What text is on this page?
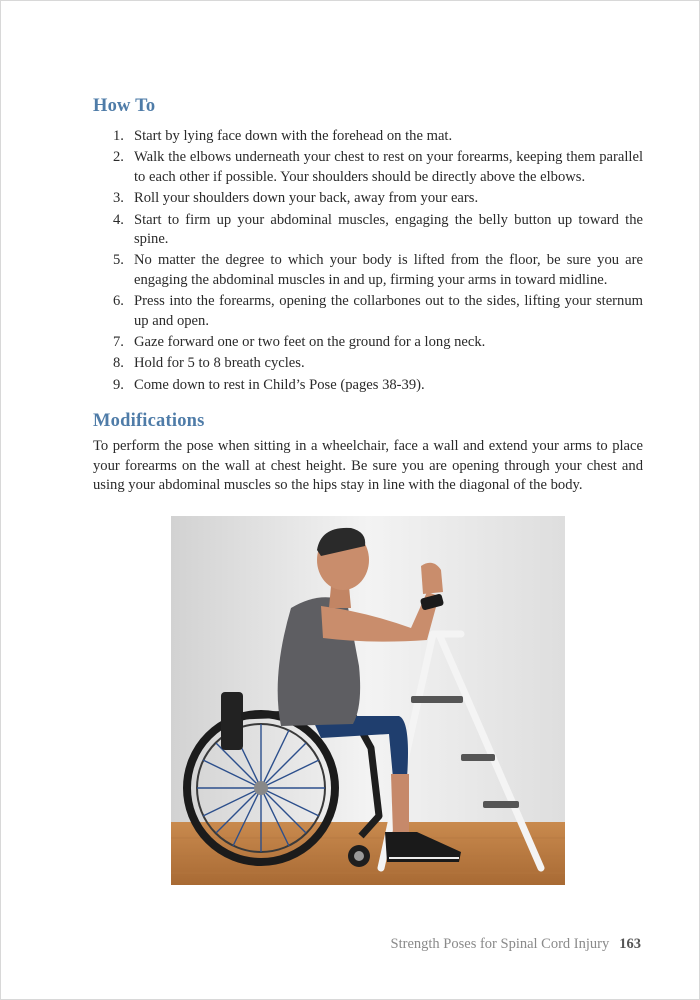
How To
1. Start by lying face down with the forehead on the mat.
2. Walk the elbows underneath your chest to rest on your forearms, keeping them parallel to each other if possible. Your shoulders should be directly above the elbows.
3. Roll your shoulders down your back, away from your ears.
4. Start to firm up your abdominal muscles, engaging the belly button up toward the spine.
5. No matter the degree to which your body is lifted from the floor, be sure you are engaging the abdominal muscles in and up, firming your arms in toward midline.
6. Press into the forearms, opening the collarbones out to the sides, lifting your sternum up and open.
7. Gaze forward one or two feet on the ground for a long neck.
8. Hold for 5 to 8 breath cycles.
9. Come down to rest in Child’s Pose (pages 38-39).
Modifications

To perform the pose when sitting in a wheelchair, face a wall and extend your arms to place your forearms on the wall at chest height. Be sure you are opening through your chest and using your abdominal muscles so the hips stay in line with the diagonal of the body.

Strength Poses for Spinal Cord Injury 163
